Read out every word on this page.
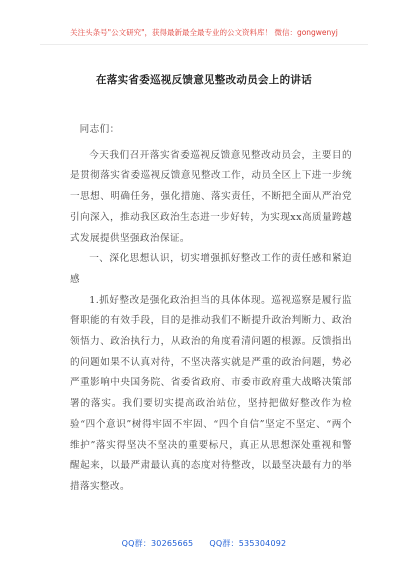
关注头条号"公文研究"，获得最新最全最专业的公文资料库！ 微信：gongwenyj
在落实省委巡视反馈意见整改动员会上的讲话

同志们：

今天我们召开落实省委巡视反馈意见整改动员会，主要目的是贯彻落实省委巡视反馈意见整改工作，动员全区上下进一步统一思想、明确任务，强化措施、落实责任，不断把全面从严治党引向深入，推动我区政治生态进一步好转，为实现xx高质量跨越式发展提供坚强政治保证。

一、深化思想认识，切实增强抓好整改工作的责任感和紧迫感

1.抓好整改是强化政治担当的具体体现。巡视巡察是履行监督职能的有效手段，目的是推动我们不断提升政治判断力、政治领悟力、政治执行力，从政治的角度看清问题的根源。反馈指出的问题如果不认真对待，不坚决落实就是严重的政治问题，势必严重影响中央国务院、省委省政府、市委市政府重大战略决策部署的落实。我们要切实提高政治站位，坚持把做好整改作为检验“四个意识”树得牢固不牢固、“四个自信”坚定不坚定、“两个维护”落实得坚决不坚决的重要标尺，真正从思想深处重视和警醒起来，以最严肃最认真的态度对待整改，以最坚决最有力的举措落实整改。

QQ群：30265665 QQ群：535304092
